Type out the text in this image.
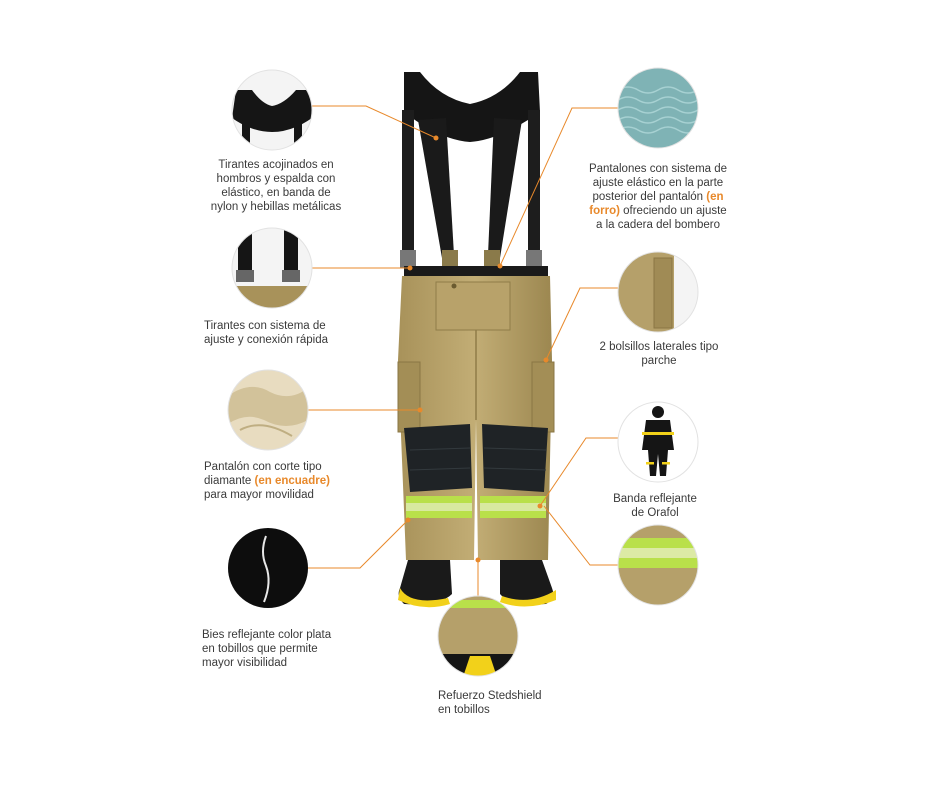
Tirantes acojinados en
hombros y espalda con
elástico, en banda de
nylon y hebillas metálicas
Tirantes con sistema de
ajuste y conexión rápida
Pantalón con corte tipo
diamante (en encuadre)
para mayor movilidad
Bies reflejante color plata
en tobillos que permite
mayor visibilidad
Pantalones con sistema de
ajuste elástico en la parte
posterior del pantalón (en
forro) ofreciendo un ajuste
a la cadera del bombero
2 bolsillos laterales tipo
parche
Banda reflejante
de Orafol
Refuerzo Stedshield
en tobillos
